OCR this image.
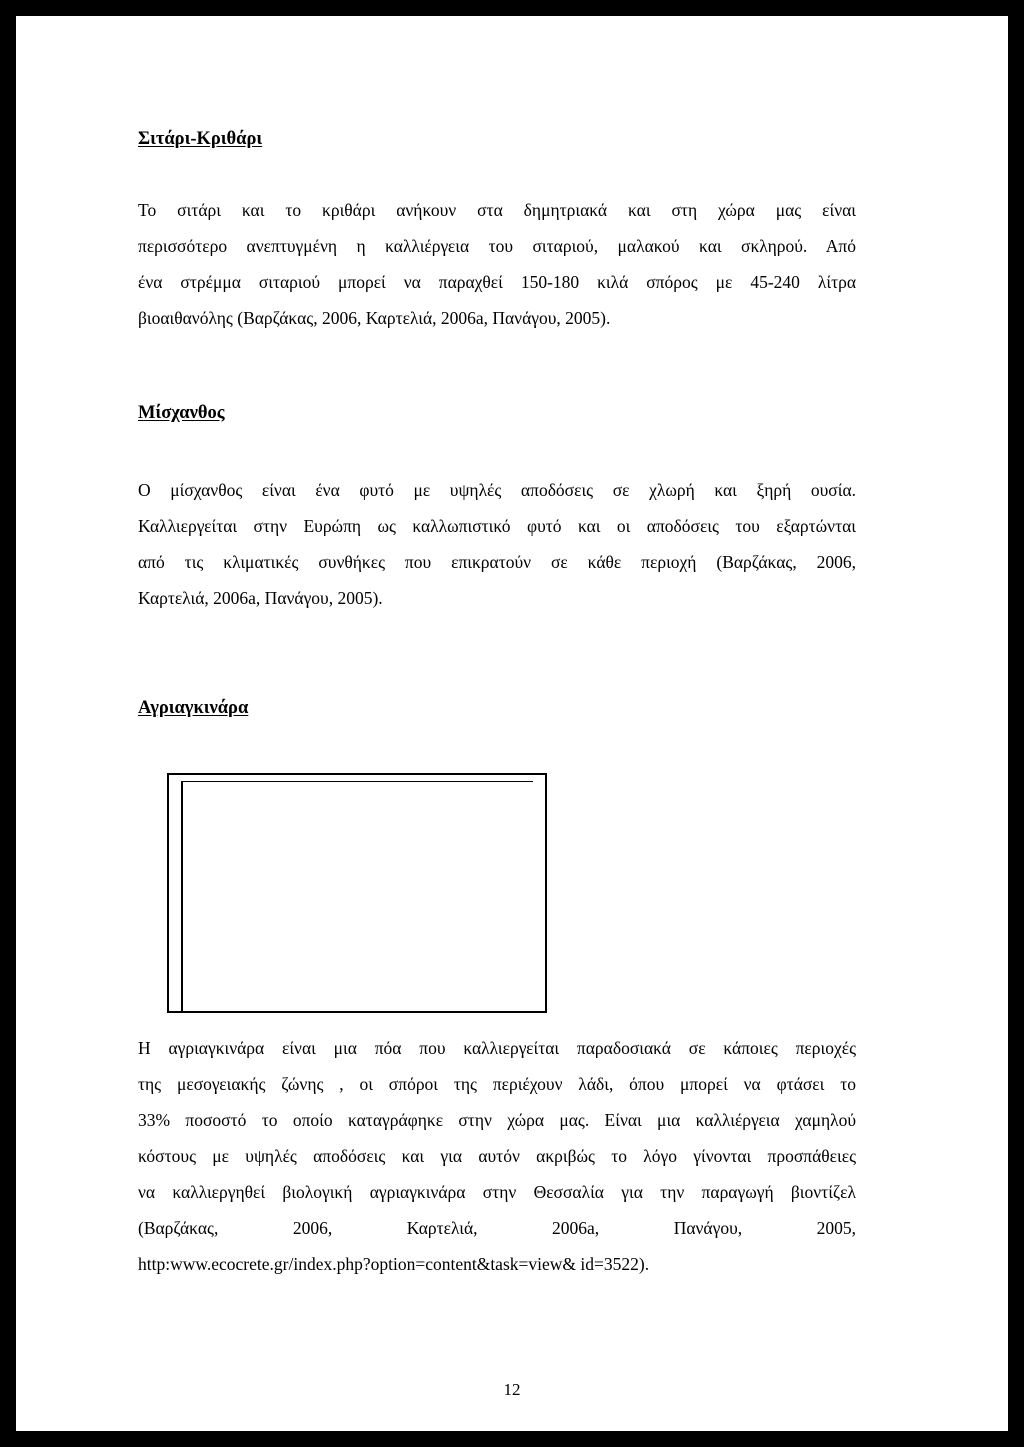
Σιτάρι-Κριθάρι
Το σιτάρι και το κριθάρι ανήκουν στα δημητριακά και στη χώρα μας είναι
περισσότερο ανεπτυγμένη η καλλιέργεια του σιταριού, μαλακού και σκληρού. Από
ένα στρέμμα σιταριού μπορεί να παραχθεί 150-180 κιλά σπόρος με 45-240 λίτρα
βιοαιθανόλης (Βαρζάκας, 2006, Καρτελιά, 2006a, Πανάγου, 2005).
Μίσχανθος
Ο μίσχανθος είναι ένα φυτό με υψηλές αποδόσεις σε χλωρή και ξηρή ουσία.
Καλλιεργείται στην Ευρώπη ως καλλωπιστικό φυτό και οι αποδόσεις του εξαρτώνται
από τις κλιματικές συνθήκες που επικρατούν σε κάθε περιοχή (Βαρζάκας, 2006,
Καρτελιά, 2006a, Πανάγου, 2005).
Αγριαγκινάρα
Η αγριαγκινάρα είναι μια πόα που καλλιεργείται παραδοσιακά σε κάποιες περιοχές
της μεσογειακής ζώνης , οι σπόροι της περιέχουν λάδι, όπου μπορεί να φτάσει το
33% ποσοστό το οποίο καταγράφηκε στην χώρα μας. Είναι μια καλλιέργεια χαμηλού
κόστους με υψηλές αποδόσεις και για αυτόν ακριβώς το λόγο γίνονται προσπάθειες
να καλλιεργηθεί βιολογική αγριαγκινάρα στην Θεσσαλία για την παραγωγή βιοντίζελ
(Βαρζάκας, 2006, Καρτελιά, 2006a, Πανάγου, 2005,
http:www.ecocrete.gr/index.php?option=content&task=view& id=3522).
12
